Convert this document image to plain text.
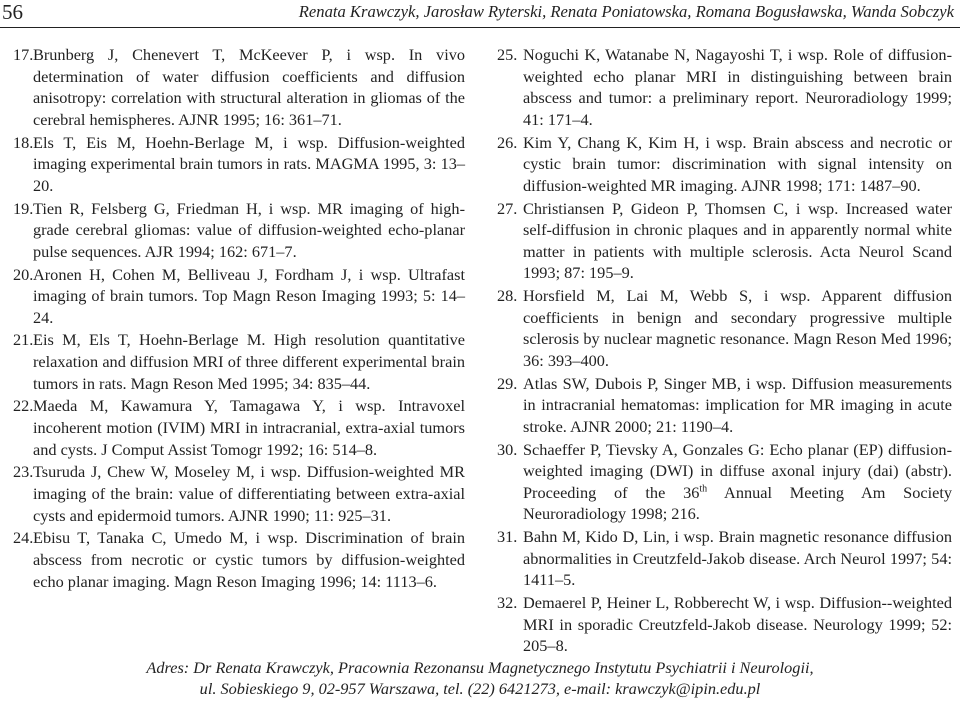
56	Renata Krawczyk, Jarosław Ryterski, Renata Poniatowska, Romana Bogusławska, Wanda Sobczyk
17. Brunberg J, Chenevert T, McKeever P, i wsp. In vivo determination of water diffusion coefficients and diffusion anisotropy: correlation with structural alteration in gliomas of the cerebral hemispheres. AJNR 1995; 16: 361–71.
18. Els T, Eis M, Hoehn-Berlage M, i wsp. Diffusion-weighted imaging experimental brain tumors in rats. MAGMA 1995, 3: 13–20.
19. Tien R, Felsberg G, Friedman H, i wsp. MR imaging of high-grade cerebral gliomas: value of diffusion-weighted echo-planar pulse sequences. AJR 1994; 162: 671–7.
20. Aronen H, Cohen M, Belliveau J, Fordham J, i wsp. Ultrafast imaging of brain tumors. Top Magn Reson Imaging 1993; 5: 14–24.
21. Eis M, Els T, Hoehn-Berlage M. High resolution quantitative relaxation and diffusion MRI of three different experimental brain tumors in rats. Magn Reson Med 1995; 34: 835–44.
22. Maeda M, Kawamura Y, Tamagawa Y, i wsp. Intravoxel incoherent motion (IVIM) MRI in intracranial, extra-axial tumors and cysts. J Comput Assist Tomogr 1992; 16: 514–8.
23. Tsuruda J, Chew W, Moseley M, i wsp. Diffusion-weighted MR imaging of the brain: value of differentiating between extra-axial cysts and epidermoid tumors. AJNR 1990; 11: 925–31.
24. Ebisu T, Tanaka C, Umedo M, i wsp. Discrimination of brain abscess from necrotic or cystic tumors by diffusion-weighted echo planar imaging. Magn Reson Imaging 1996; 14: 1113–6.
25. Noguchi K, Watanabe N, Nagayoshi T, i wsp. Role of diffusion-weighted echo planar MRI in distinguishing between brain abscess and tumor: a preliminary report. Neuroradiology 1999; 41: 171–4.
26. Kim Y, Chang K, Kim H, i wsp. Brain abscess and necrotic or cystic brain tumor: discrimination with signal intensity on diffusion-weighted MR imaging. AJNR 1998; 171: 1487–90.
27. Christiansen P, Gideon P, Thomsen C, i wsp. Increased water self-diffusion in chronic plaques and in apparently normal white matter in patients with multiple sclerosis. Acta Neurol Scand 1993; 87: 195–9.
28. Horsfield M, Lai M, Webb S, i wsp. Apparent diffusion coefficients in benign and secondary progressive multiple sclerosis by nuclear magnetic resonance. Magn Reson Med 1996; 36: 393–400.
29. Atlas SW, Dubois P, Singer MB, i wsp. Diffusion measurements in intracranial hematomas: implication for MR imaging in acute stroke. AJNR 2000; 21: 1190–4.
30. Schaeffer P, Tievsky A, Gonzales G: Echo planar (EP) diffusion-weighted imaging (DWI) in diffuse axonal injury (dai) (abstr). Proceeding of the 36th Annual Meeting Am Society Neuroradiology 1998; 216.
31. Bahn M, Kido D, Lin, i wsp. Brain magnetic resonance diffusion abnormalities in Creutzfeld-Jakob disease. Arch Neurol 1997; 54: 1411–5.
32. Demaerel P, Heiner L, Robberecht W, i wsp. Diffusion--weighted MRI in sporadic Creutzfeld-Jakob disease. Neurology 1999; 52: 205–8.
Adres: Dr Renata Krawczyk, Pracownia Rezonansu Magnetycznego Instytutu Psychiatrii i Neurologii,
ul. Sobieskiego 9, 02-957 Warszawa, tel. (22) 6421273, e-mail: krawczyk@ipin.edu.pl
